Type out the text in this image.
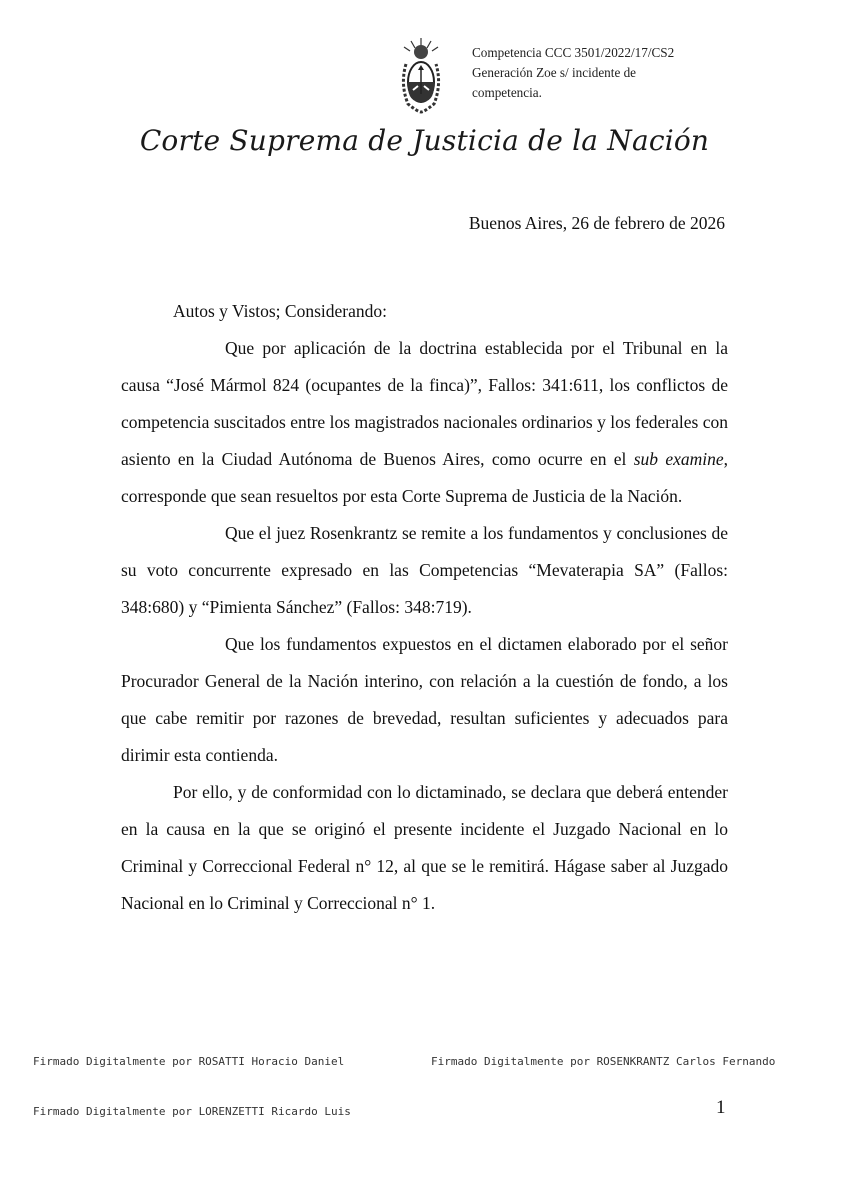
Competencia CCC 3501/2022/17/CS2
Generación Zoe s/ incidente de
competencia.
Corte Suprema de Justicia de la Nación
Buenos Aires, 26 de febrero de 2026

Autos y Vistos; Considerando:

Que por aplicación de la doctrina establecida por el Tribunal en la causa “José Mármol 824 (ocupantes de la finca)”, Fallos: 341:611, los conflictos de competencia suscitados entre los magistrados nacionales ordinarios y los federales con asiento en la Ciudad Autónoma de Buenos Aires, como ocurre en el sub examine, corresponde que sean resueltos por esta Corte Suprema de Justicia de la Nación.

Que el juez Rosenkrantz se remite a los fundamentos y conclusiones de su voto concurrente expresado en las Competencias “Mevaterapia SA” (Fallos: 348:680) y “Pimienta Sánchez” (Fallos: 348:719).

Que los fundamentos expuestos en el dictamen elaborado por el señor Procurador General de la Nación interino, con relación a la cuestión de fondo, a los que cabe remitir por razones de brevedad, resultan suficientes y adecuados para dirimir esta contienda.

Por ello, y de conformidad con lo dictaminado, se declara que deberá entender en la causa en la que se originó el presente incidente el Juzgado Nacional en lo Criminal y Correccional Federal n° 12, al que se le remitirá. Hágase saber al Juzgado Nacional en lo Criminal y Correccional n° 1.

Firmado Digitalmente por ROSATTI Horacio Daniel	Firmado Digitalmente por ROSENKRANTZ Carlos Fernando
Firmado Digitalmente por LORENZETTI Ricardo Luis	1
